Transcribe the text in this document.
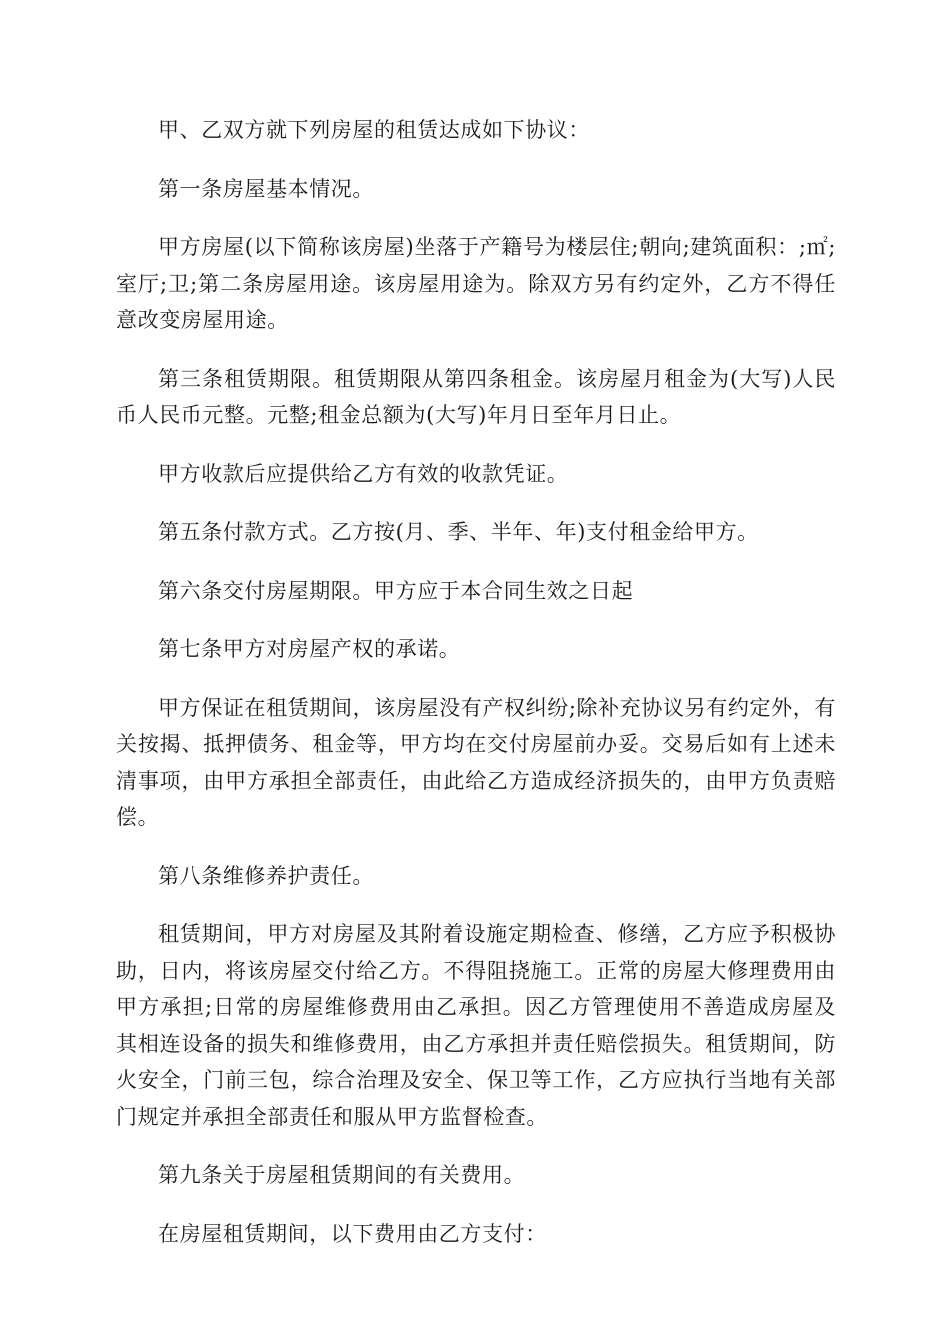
甲、乙双方就下列房屋的租赁达成如下协议：

第一条房屋基本情况。

甲方房屋(以下简称该房屋)坐落于产籍号为楼层住;朝向;建筑面积：;㎡;室厅;卫;第二条房屋用途。该房屋用途为。除双方另有约定外，乙方不得任意改变房屋用途。

第三条租赁期限。租赁期限从第四条租金。该房屋月租金为(大写)人民币人民币元整。元整;租金总额为(大写)年月日至年月日止。

甲方收款后应提供给乙方有效的收款凭证。

第五条付款方式。乙方按(月、季、半年、年)支付租金给甲方。

第六条交付房屋期限。甲方应于本合同生效之日起

第七条甲方对房屋产权的承诺。

甲方保证在租赁期间，该房屋没有产权纠纷;除补充协议另有约定外，有关按揭、抵押债务、租金等，甲方均在交付房屋前办妥。交易后如有上述未清事项，由甲方承担全部责任，由此给乙方造成经济损失的，由甲方负责赔偿。

第八条维修养护责任。

租赁期间，甲方对房屋及其附着设施定期检查、修缮，乙方应予积极协助，日内，将该房屋交付给乙方。不得阻挠施工。正常的房屋大修理费用由甲方承担;日常的房屋维修费用由乙承担。因乙方管理使用不善造成房屋及其相连设备的损失和维修费用，由乙方承担并责任赔偿损失。租赁期间，防火安全，门前三包，综合治理及安全、保卫等工作，乙方应执行当地有关部门规定并承担全部责任和服从甲方监督检查。

第九条关于房屋租赁期间的有关费用。

在房屋租赁期间，以下费用由乙方支付：
